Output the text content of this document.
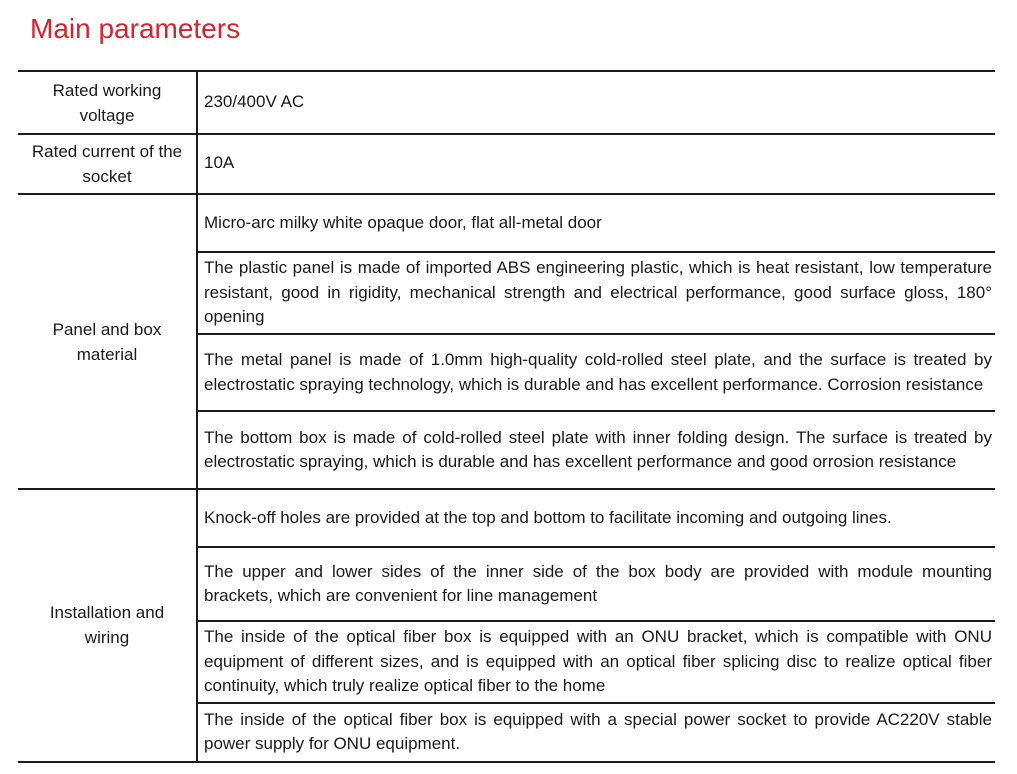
Main parameters
Rated working voltage
230/400V AC
Rated current of the socket
10A
Panel and box material
Micro-arc milky white opaque door, flat all-metal door
The plastic panel is made of imported ABS engineering plastic, which is heat resistant, low temperature resistant, good in rigidity, mechanical strength and electrical performance, good surface gloss, 180° opening
The metal panel is made of 1.0mm high-quality cold-rolled steel plate, and the surface is treated by electrostatic spraying technology, which is durable and has excellent performance. Corrosion resistance
The bottom box is made of cold-rolled steel plate with inner folding design. The surface is treated by electrostatic spraying, which is durable and has excellent performance and good orrosion resistance
Installation and wiring
Knock-off holes are provided at the top and bottom to facilitate incoming and outgoing lines.
The upper and lower sides of the inner side of the box body are provided with module mounting brackets, which are convenient for line management
The inside of the optical fiber box is equipped with an ONU bracket, which is compatible with ONU equipment of different sizes, and is equipped with an optical fiber splicing disc to realize optical fiber continuity, which truly realize optical fiber to the home
The inside of the optical fiber box is equipped with a special power socket to provide AC220V stable power supply for ONU equipment.
